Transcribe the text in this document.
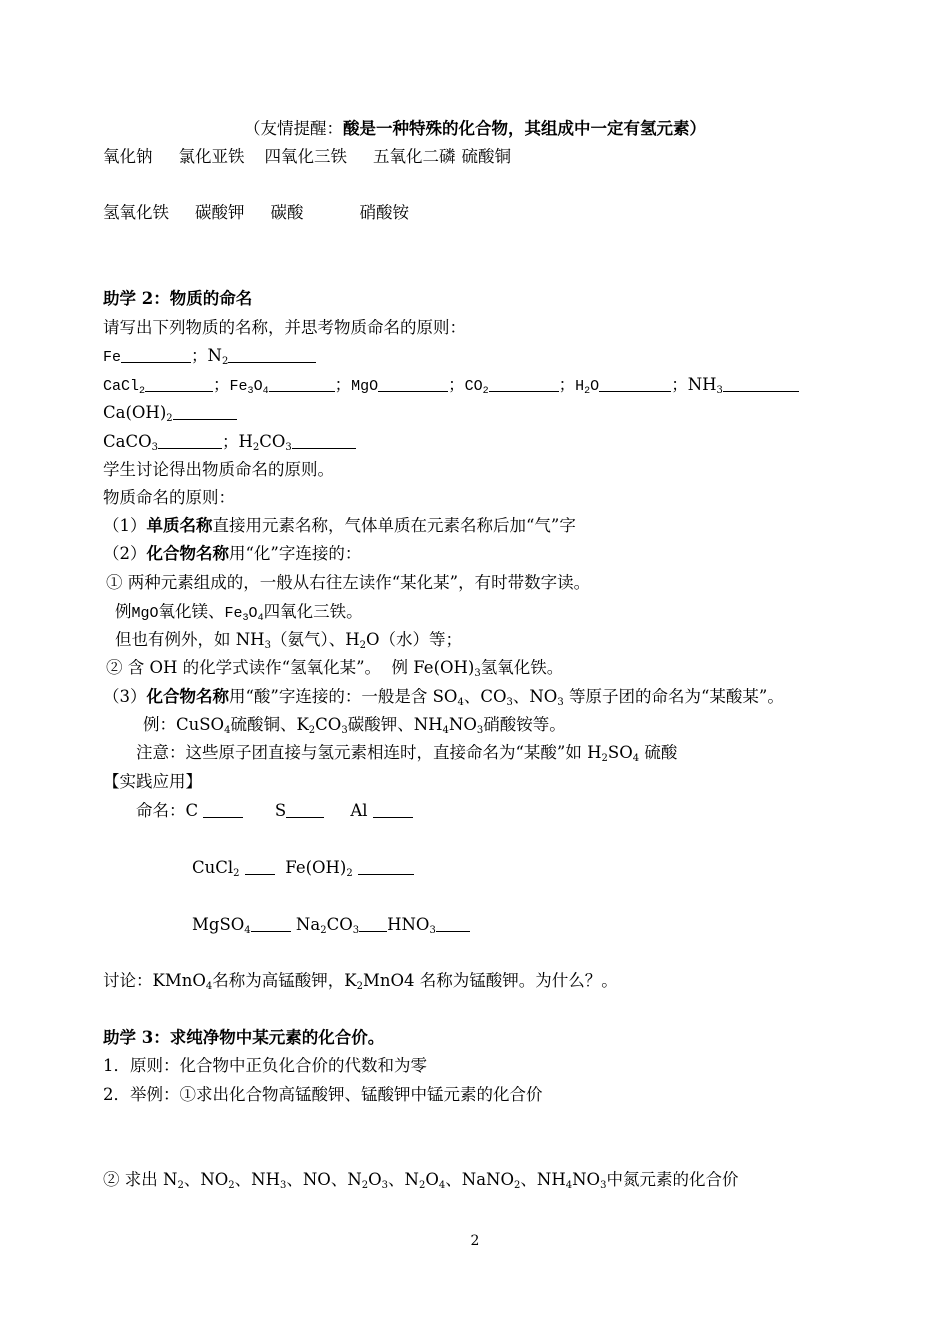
（友情提醒：酸是一种特殊的化合物，其组成中一定有氢元素）
氧化钠 氯化亚铁 四氧化三铁 五氧化二磷 硫酸铜
氢氧化铁 碳酸钾 碳酸	硝酸铵
助学 2：物质的命名
请写出下列物质的名称，并思考物质命名的原则：
Fe	；$N_2$
CaCl$_2$	；$Fe_3O_4$	；MgO	；$CO_2$	；$H_2O$	；$NH_3$
$Ca(OH)_2$
CaCO$_3$	；$H_2CO_3$
学生讨论得出物质命名的原则。
物质命名的原则：
（1）单质名称直接用元素名称，气体单质在元素名称后加“气”字
（2）化合物名称用“化”字连接的：
① 两种元素组成的，一般从右往左读作“某化某”，有时带数字读。
例MgO氧化镁、$Fe_3O_4$四氧化三铁。
但也有例外，如 $NH_3$（氨气）、$H_2O$（水）等；
② 含 OH 的化学式读作“氢氧化某”。  例 $Fe(OH)_3$氢氧化铁。
（3）化合物名称用“酸”字连接的：一般是含 $SO_4$、$CO_3$、$NO_3$ 等原子团的命名为“某酸某”。
例：CuSO$_4$硫酸铜、$K_2CO_3$碳酸钾、$NH_4NO_3$硝酸铵等。
注意：这些原子团直接与氢元素相连时，直接命名为“某酸”如 $H_2SO_4$ 硫酸
【实践应用】
命名：C       S     Al
CuCl$_2$   $Fe(OH)_2$
MgSO$_4$ $Na_2CO_3$ $HNO_3$
讨论：KMnO$_4$名称为高锰酸钾，$K_2MnO4$ 名称为锰酸钾。为什么？。
助学 3：求纯净物中某元素的化合价。
1．原则：化合物中正负化合价的代数和为零
2．举例：①求出化合物高锰酸钾、锰酸钾中锰元素的化合价
② 求出 $N_2$、$NO_2$、$NH_3$、NO、$N_2O_3$、$N_2O_4$、NaNO$_2$、$NH_4NO_3$中氮元素的化合价
2
